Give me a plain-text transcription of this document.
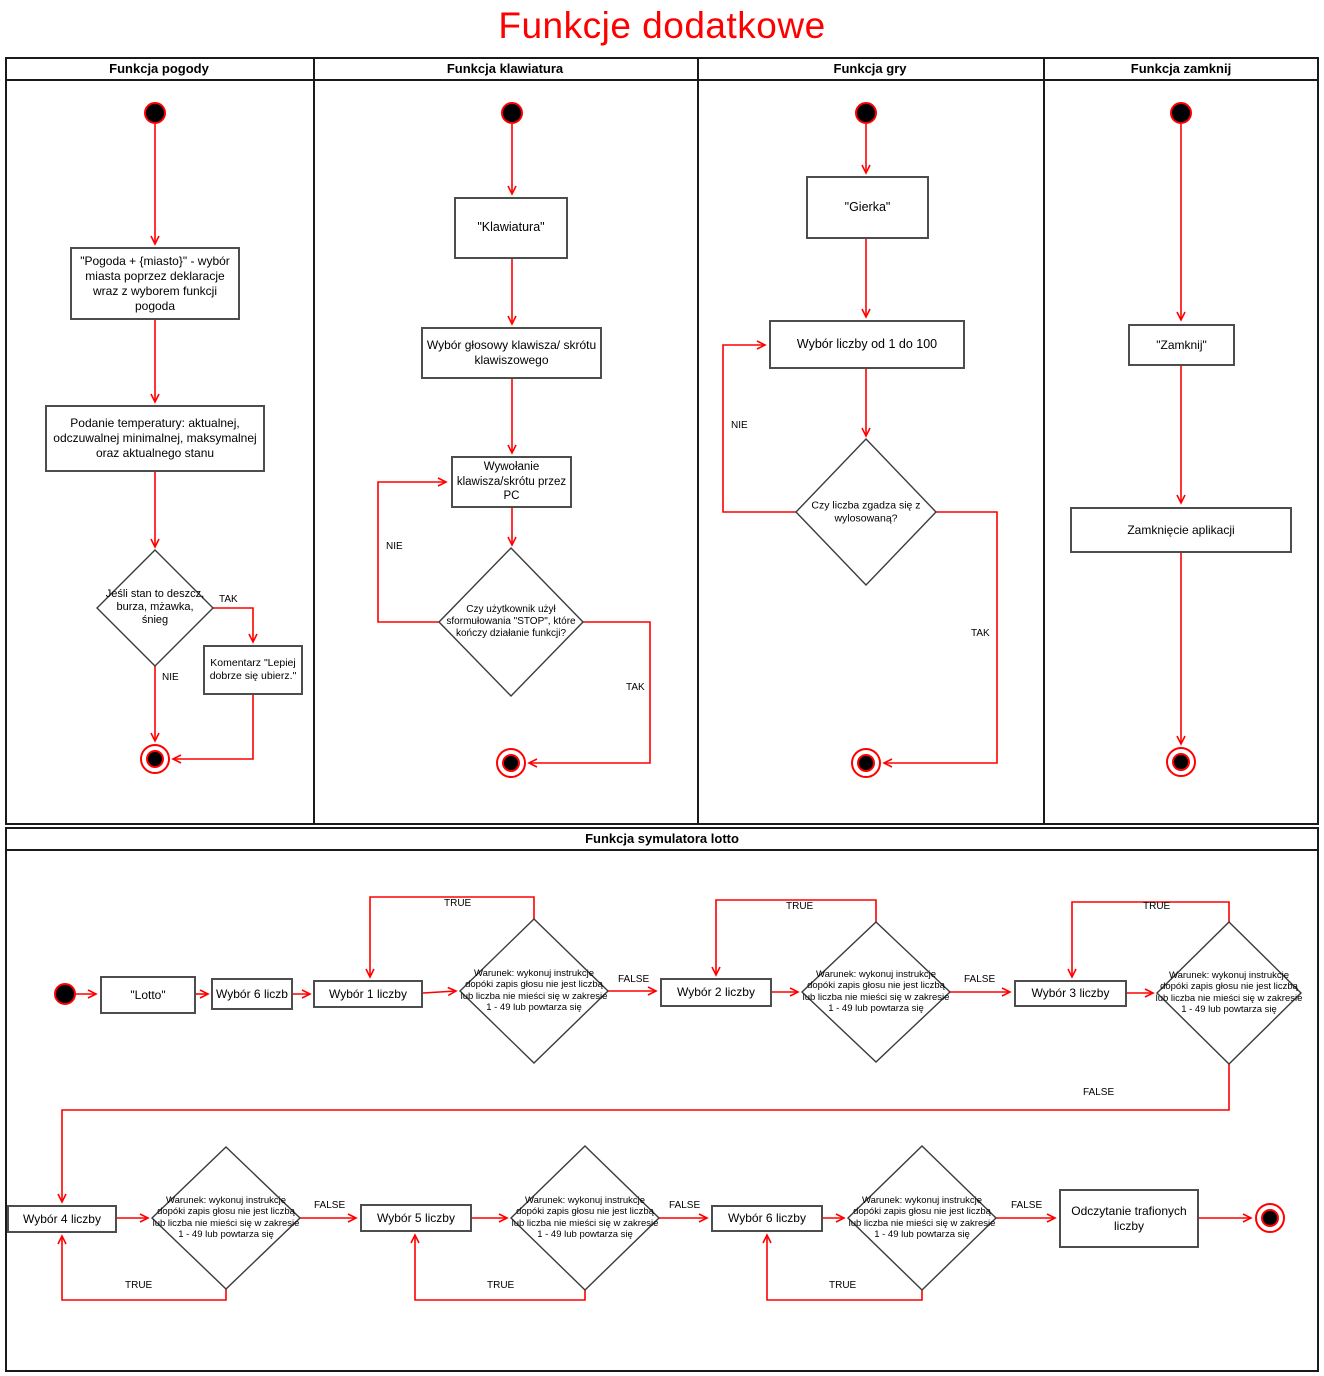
Funkcje dodatkowe
Funkcja pogody	Funkcja klawiatura	Funkcja gry	Funkcja zamknij
Funkcja symulatora lotto
"Pogoda + {miasto}" - wybór miasta poprzez deklaracje wraz z wyborem funkcji pogoda
Podanie temperatury: aktualnej, odczuwalnej minimalnej, maksymalnej oraz aktualnego stanu
Jeśli stan to deszcz, burza, mżawka, śnieg
TAK
NIE
Komentarz "Lepiej dobrze się ubierz."
"Klawiatura"
Wybór głosowy klawisza/ skrótu klawiszowego
Wywołanie klawisza/skrótu przez PC
Czy użytkownik użył sformułowania "STOP", które kończy działanie funkcji?
NIE
TAK
"Gierka"
Wybór liczby od 1 do 100
Czy liczba zgadza się z wylosowaną?
NIE
TAK
"Zamknij"
Zamknięcie aplikacji
"Lotto"	Wybór 6 liczb	Wybór 1 liczby
Warunek: wykonuj instrukcje dopóki zapis głosu nie jest liczbą lub liczba nie mieści się w zakresie 1 - 49 lub powtarza się
TRUE
FALSE
Wybór 2 liczby
Warunek: wykonuj instrukcje dopóki zapis głosu nie jest liczbą lub liczba nie mieści się w zakresie 1 - 49 lub powtarza się
TRUE
FALSE
Wybór 3 liczby
Warunek: wykonuj instrukcje dopóki zapis głosu nie jest liczbą lub liczba nie mieści się w zakresie 1 - 49 lub powtarza się
TRUE
FALSE
Wybór 4 liczby
Warunek: wykonuj instrukcje dopóki zapis głosu nie jest liczbą lub liczba nie mieści się w zakresie 1 - 49 lub powtarza się
TRUE
FALSE
Wybór 5 liczby
Warunek: wykonuj instrukcje dopóki zapis głosu nie jest liczbą lub liczba nie mieści się w zakresie 1 - 49 lub powtarza się
TRUE
FALSE
Wybór 6 liczby
Warunek: wykonuj instrukcje dopóki zapis głosu nie jest liczbą lub liczba nie mieści się w zakresie 1 - 49 lub powtarza się
TRUE
FALSE	Odczytanie trafionych liczby
